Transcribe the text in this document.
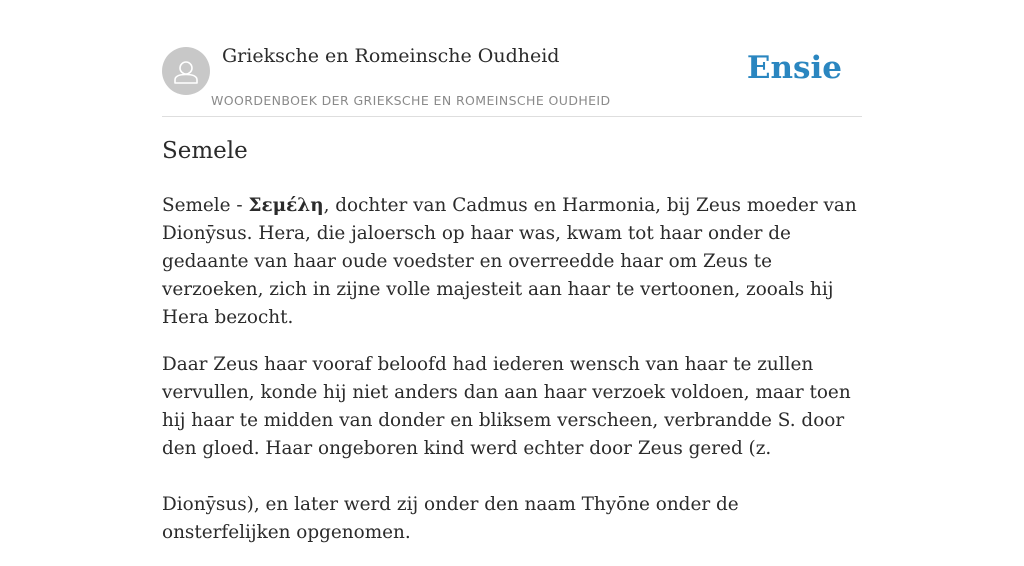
Grieksche en Romeinsche Oudheid
WOORDENBOEK DER GRIEKSCHE EN ROMEINSCHE OUDHEID
Ensie
Semele

Semele - Σεμέλη, dochter van Cadmus en Harmonia, bij Zeus moeder van Dionȳsus. Hera, die jaloersch op haar was, kwam tot haar onder de gedaante van haar oude voedster en overreedde haar om Zeus te verzoeken, zich in zijne volle majesteit aan haar te vertoonen, zooals hij Hera bezocht.

Daar Zeus haar vooraf beloofd had iederen wensch van haar te zullen vervullen, konde hij niet anders dan aan haar verzoek voldoen, maar toen hij haar te midden van donder en bliksem verscheen, verbrandde S. door den gloed. Haar ongeboren kind werd echter door Zeus gered (z.

Dionȳsus), en later werd zij onder den naam Thyōne onder de onsterfelijken opgenomen.
